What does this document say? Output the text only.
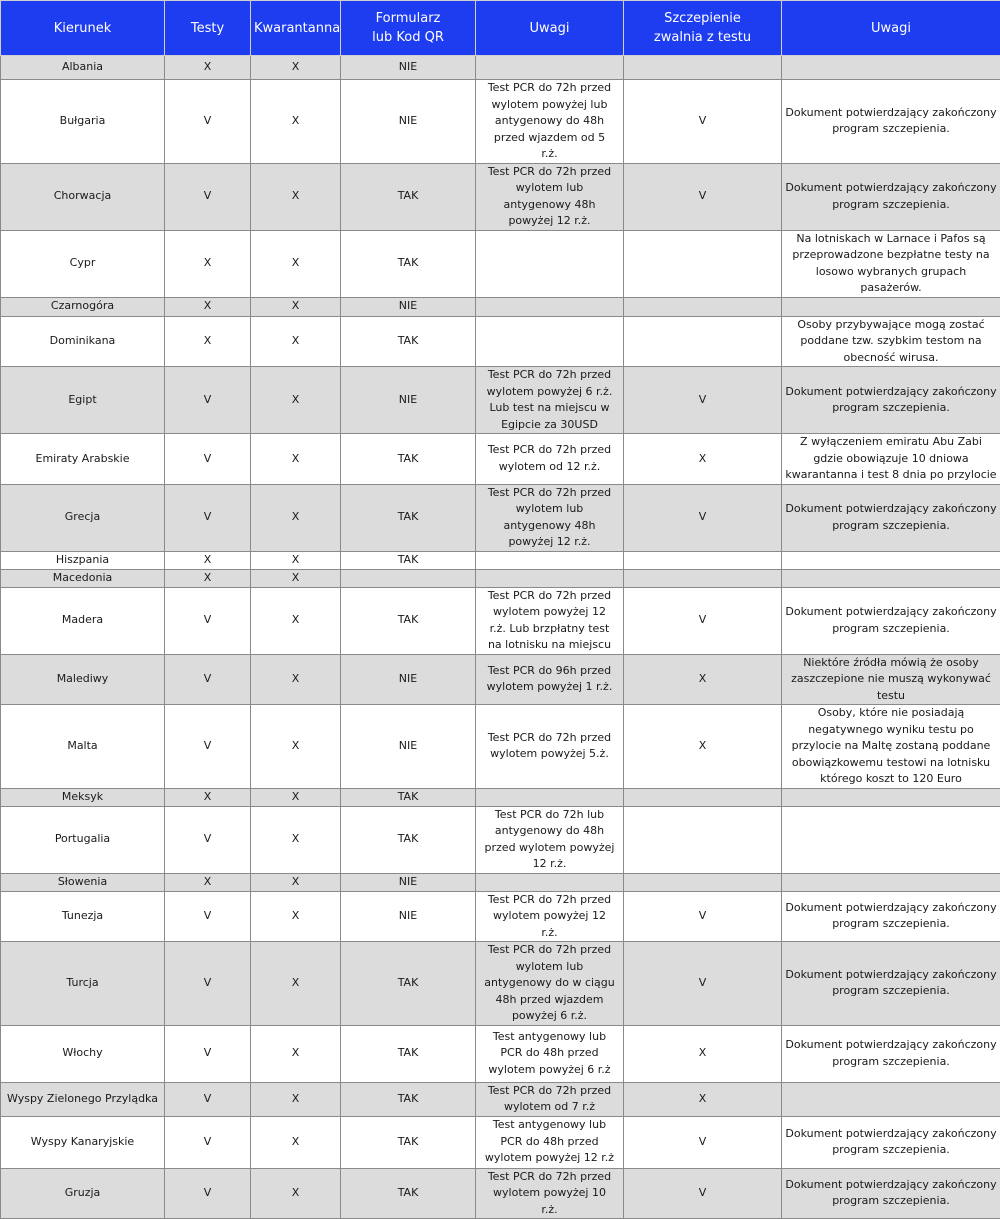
Kierunek	Testy	Kwarantanna	Formularz lub Kod QR	Uwagi	Szczepienie zwalnia z testu	Uwagi
Albania	X	X	NIE			
Bułgaria	V	X	NIE	Test PCR do 72h przed wylotem powyżej lub antygenowy do 48h przed wjazdem od 5 r.ż.	V	Dokument potwierdzający zakończony program szczepienia.
Chorwacja	V	X	TAK	Test PCR do 72h przed wylotem lub antygenowy 48h powyżej 12 r.ż.	V	Dokument potwierdzający zakończony program szczepienia.
Cypr	X	X	TAK			Na lotniskach w Larnace i Pafos są przeprowadzone bezpłatne testy na losowo wybranych grupach pasażerów.
Czarnogóra	X	X	NIE			
Dominikana	X	X	TAK			Osoby przybywające mogą zostać poddane tzw. szybkim testom na obecność wirusa.
Egipt	V	X	NIE	Test PCR do 72h przed wylotem powyżej 6 r.ż. Lub test na miejscu w Egipcie za 30USD	V	Dokument potwierdzający zakończony program szczepienia.
Emiraty Arabskie	V	X	TAK	Test PCR do 72h przed wylotem od 12 r.ż.	X	Z wyłączeniem emiratu Abu Zabi gdzie obowiązuje 10 dniowa kwarantanna i test 8 dnia po przylocie
Grecja	V	X	TAK	Test PCR do 72h przed wylotem lub antygenowy 48h powyżej 12 r.ż.	V	Dokument potwierdzający zakończony program szczepienia.
Hiszpania	X	X	TAK			
Macedonia	X	X				
Madera	V	X	TAK	Test PCR do 72h przed wylotem powyżej 12 r.ż. Lub brzpłatny test na lotnisku na miejscu	V	Dokument potwierdzający zakończony program szczepienia.
Malediwy	V	X	NIE	Test PCR do 96h przed wylotem powyżej 1 r.ż.	X	Niektóre źródła mówią że osoby zaszczepione nie muszą wykonywać testu
Malta	V	X	NIE	Test PCR do 72h przed wylotem powyżej 5.ż.	X	Osoby, które nie posiadają negatywnego wyniku testu po przylocie na Maltę zostaną poddane obowiązkowemu testowi na lotnisku którego koszt to 120 Euro
Meksyk	X	X	TAK			
Portugalia	V	X	TAK	Test PCR do 72h lub antygenowy do 48h przed wylotem powyżej 12 r.ż.		
Słowenia	X	X	NIE			
Tunezja	V	X	NIE	Test PCR do 72h przed wylotem powyżej 12 r.ż.	V	Dokument potwierdzający zakończony program szczepienia.
Turcja	V	X	TAK	Test PCR do 72h przed wylotem lub antygenowy do w ciągu 48h przed wjazdem powyżej 6 r.ż.	V	Dokument potwierdzający zakończony program szczepienia.
Włochy	V	X	TAK	Test antygenowy lub PCR do 48h przed wylotem powyżej 6 r.ż	X	Dokument potwierdzający zakończony program szczepienia.
Wyspy Zielonego Przylądka	V	X	TAK	Test PCR do 72h przed wylotem od 7 r.ż	X	
Wyspy Kanaryjskie	V	X	TAK	Test antygenowy lub PCR do 48h przed wylotem powyżej 12 r.ż	V	Dokument potwierdzający zakończony program szczepienia.
Gruzja	V	X	TAK	Test PCR do 72h przed wylotem powyżej 10 r.ż.	V	Dokument potwierdzający zakończony program szczepienia.
